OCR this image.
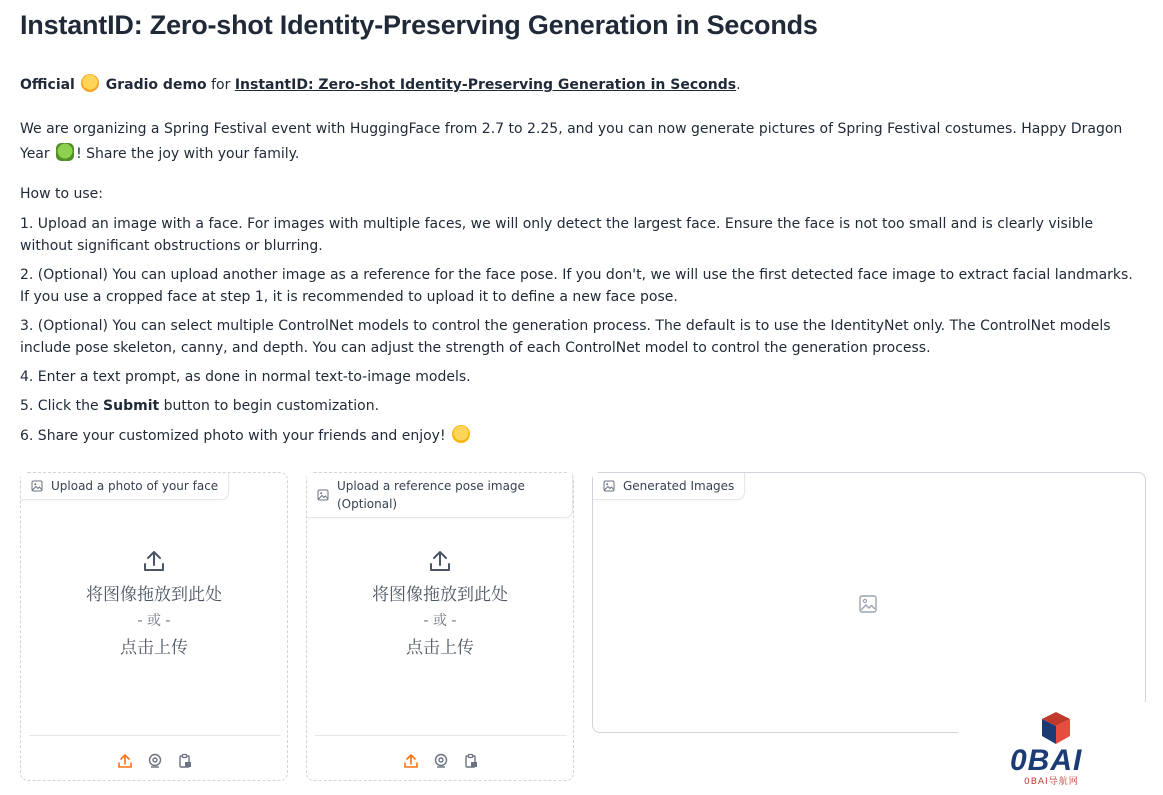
InstantID: Zero-shot Identity-Preserving Generation in Seconds
Official Gradio demo for InstantID: Zero-shot Identity-Preserving Generation in Seconds.
We are organizing a Spring Festival event with HuggingFace from 2.7 to 2.25, and you can now generate pictures of Spring Festival costumes. Happy Dragon Year ! Share the joy with your family.
How to use:
1. Upload an image with a face. For images with multiple faces, we will only detect the largest face. Ensure the face is not too small and is clearly visible without significant obstructions or blurring.
2. (Optional) You can upload another image as a reference for the face pose. If you don't, we will use the first detected face image to extract facial landmarks. If you use a cropped face at step 1, it is recommended to upload it to define a new face pose.
3. (Optional) You can select multiple ControlNet models to control the generation process. The default is to use the IdentityNet only. The ControlNet models include pose skeleton, canny, and depth. You can adjust the strength of each ControlNet model to control the generation process.
4. Enter a text prompt, as done in normal text-to-image models.
5. Click the Submit button to begin customization.
6. Share your customized photo with your friends and enjoy!
Upload a photo of your face
将图像拖放到此处
- 或 -
点击上传
Upload a reference pose image (Optional)
将图像拖放到此处
- 或 -
点击上传
Generated Images
0BAI
0BAI导航网
